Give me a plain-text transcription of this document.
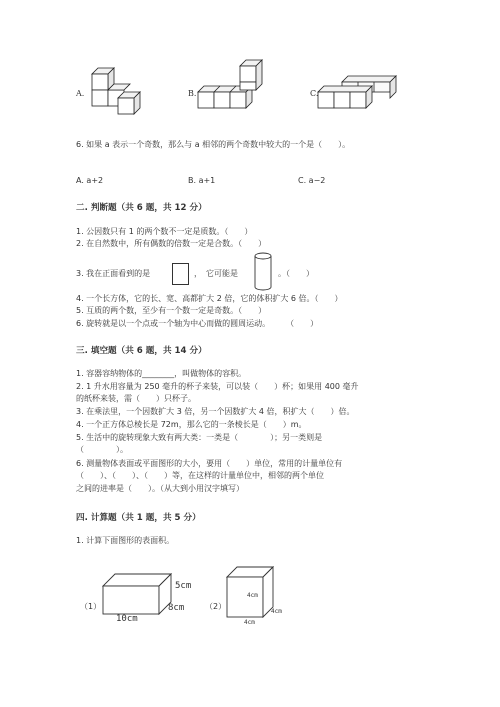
A.	B.	C.
6. 如果 a 表示一个奇数，那么与 a 相邻的两个奇数中较大的一个是（　　）。
A. a+2	B. a+1	C. a−2
二. 判断题（共 6 题，共 12 分）
1. 公因数只有 1 的两个数不一定是质数。（　　）
2. 在自然数中，所有偶数的倍数一定是合数。（　　）
3. 我在正面看到的是	，　它可能是	。（　　）
4. 一个长方体，它的长、宽、高都扩大 2 倍，它的体积扩大 6 倍。（　　）
5. 互质的两个数，至少有一个数一定是奇数。（　　）
6. 旋转就是以一个点或一个轴为中心而做的圆周运动。　　　（　　）
三. 填空题（共 6 题，共 14 分）
1. 容器容纳物体的________，叫做物体的容积。
2. 1 升水用容量为 250 毫升的杯子来装，可以装（　　）杯；如果用 400 毫升
的纸杯来装，需（　　）只杯子。
3. 在乘法里，一个因数扩大 3 倍，另一个因数扩大 4 倍，积扩大（　　）倍。
4. 一个正方体总棱长是 72m，那么它的一条棱长是（　　）m。
5. 生活中的旋转现象大致有两大类：一类是（　　　　）；另一类则是
（　　　　）。
6. 测量物体表面或平面图形的大小，要用（　　）单位，常用的计量单位有
（　　）、（　　）、（　　）等，在这样的计量单位中，相邻的两个单位
之间的进率是（　　）。（从大到小用汉字填写）
四. 计算题（共 1 题，共 5 分）
1. 计算下面图形的表面积。
（1）
5cm
8cm
10cm
（2）
4cm
4cm
4cm
